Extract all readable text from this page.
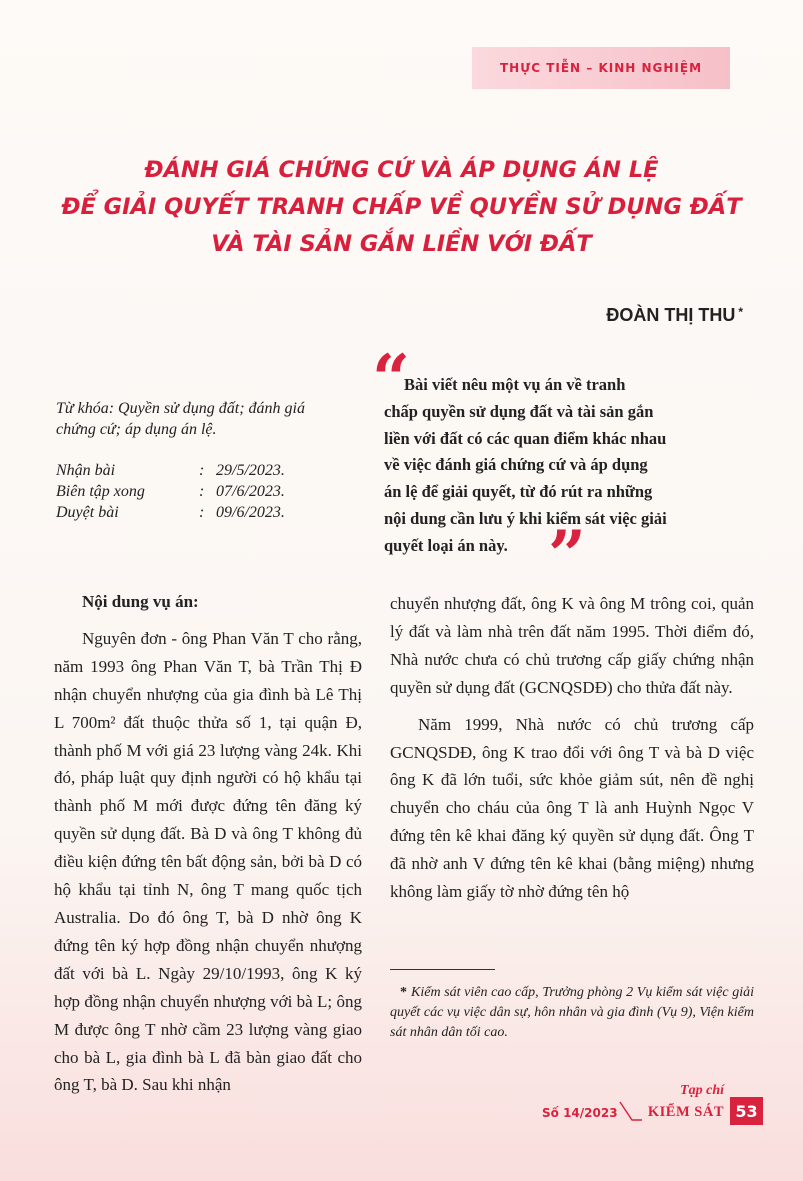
THỰC TIỄN – KINH NGHIỆM
ĐÁNH GIÁ CHỨNG CỨ VÀ ÁP DỤNG ÁN LỆ
ĐỂ GIẢI QUYẾT TRANH CHẤP VỀ QUYỀN SỬ DỤNG ĐẤT
VÀ TÀI SẢN GẮN LIỀN VỚI ĐẤT
ĐOÀN THỊ THU *
“
Bài viết nêu một vụ án về tranh
chấp quyền sử dụng đất và tài sản gắn
liền với đất có các quan điểm khác nhau
về việc đánh giá chứng cứ và áp dụng
án lệ để giải quyết, từ đó rút ra những
nội dung cần lưu ý khi kiểm sát việc giải
quyết loại án này. ”
Từ khóa: Quyền sử dụng đất; đánh giá
chứng cứ; áp dụng án lệ.
Nhận bài	: 29/5/2023.
Biên tập xong	: 07/6/2023.
Duyệt bài	: 09/6/2023.

Nội dung vụ án:

Nguyên đơn - ông Phan Văn T cho rằng, năm 1993 ông Phan Văn T, bà Trần Thị Đ nhận chuyển nhượng của gia đình bà Lê Thị L 700m² đất thuộc thửa số 1, tại quận Đ, thành phố M với giá 23 lượng vàng 24k. Khi đó, pháp luật quy định người có hộ khẩu tại thành phố M mới được đứng tên đăng ký quyền sử dụng đất. Bà D và ông T không đủ điều kiện đứng tên bất động sản, bởi bà D có hộ khẩu tại tỉnh N, ông T mang quốc tịch Australia. Do đó ông T, bà D nhờ ông K đứng tên ký hợp đồng nhận chuyển nhượng đất với bà L. Ngày 29/10/1993, ông K ký hợp đồng nhận chuyển nhượng với bà L; ông M được ông T nhờ cầm 23 lượng vàng giao cho bà L, gia đình bà L đã bàn giao đất cho ông T, bà D. Sau khi nhận

chuyển nhượng đất, ông K và ông M trông coi, quản lý đất và làm nhà trên đất năm 1995. Thời điểm đó, Nhà nước chưa có chủ trương cấp giấy chứng nhận quyền sử dụng đất (GCNQSDĐ) cho thửa đất này.

Năm 1999, Nhà nước có chủ trương cấp GCNQSDĐ, ông K trao đổi với ông T và bà D việc ông K đã lớn tuổi, sức khỏe giảm sút, nên đề nghị chuyển cho cháu của ông T là anh Huỳnh Ngọc V đứng tên kê khai đăng ký quyền sử dụng đất. Ông T đã nhờ anh V đứng tên kê khai (bằng miệng) nhưng không làm giấy tờ nhờ đứng tên hộ

* Kiểm sát viên cao cấp, Trưởng phòng 2 Vụ kiểm sát việc giải quyết các vụ việc dân sự, hôn nhân và gia đình (Vụ 9), Viện kiểm sát nhân dân tối cao.
Tạp chí
Số 14/2023 KIỂM SÁT 53
